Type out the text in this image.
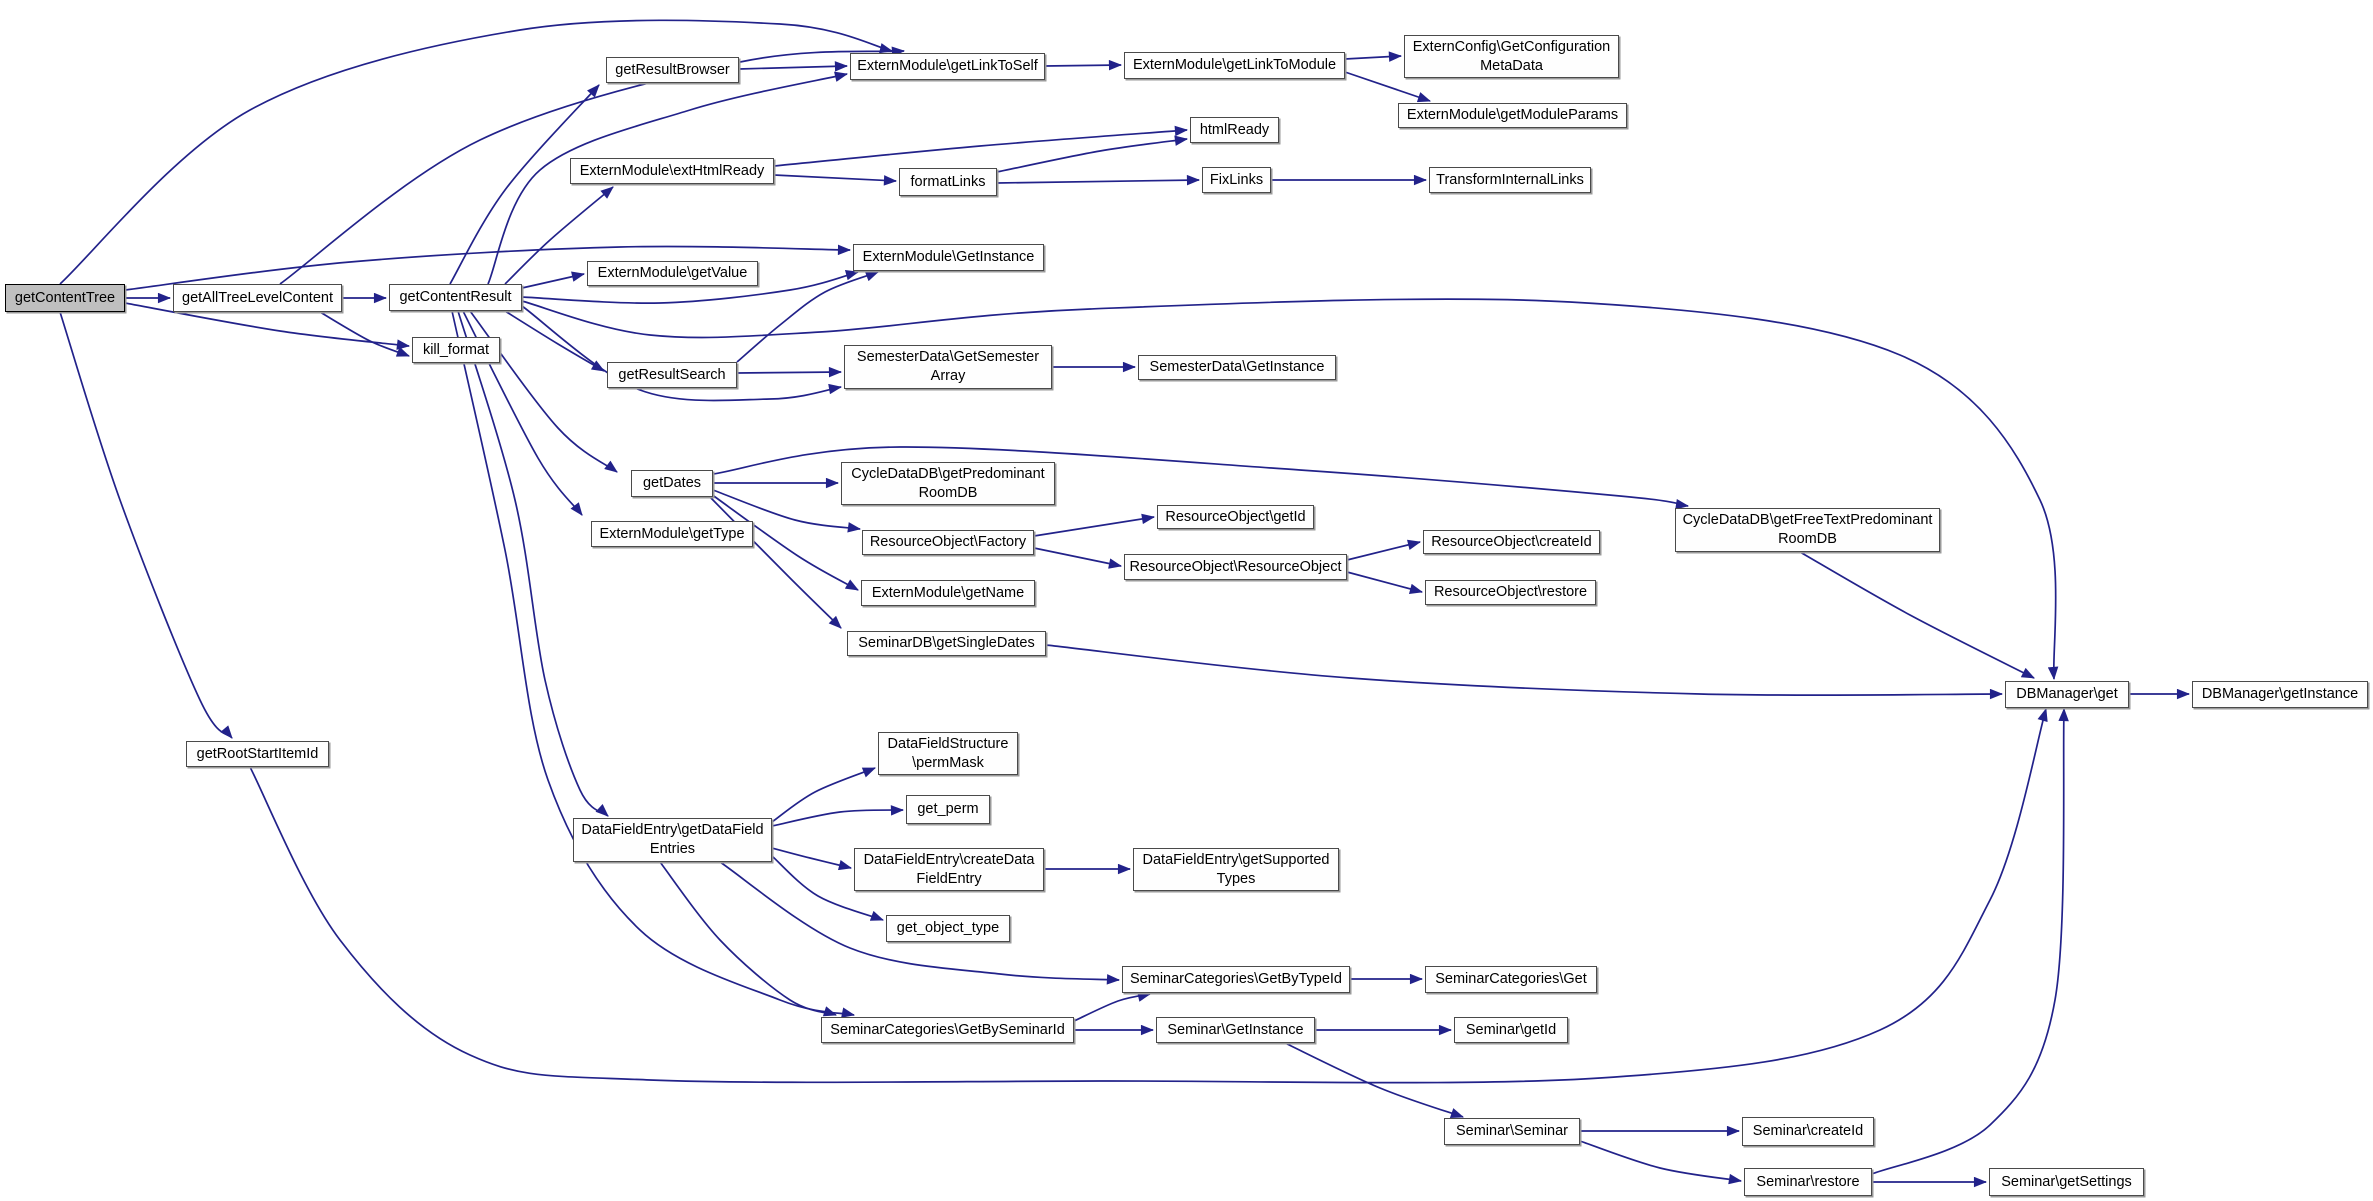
getContentTree	getAllTreeLevelContent	getContentResult
kill_format
getRootStartItemId
getResultBrowser
ExternModule\extHtmlReady
ExternModule\getValue
getResultSearch
ExternModule\getLinkToSelf	ExternModule\getLinkToModule
ExternConfig\GetConfiguration
MetaData
ExternModule\getModuleParams
htmlReady
formatLinks	FixLinks	TransformInternalLinks
ExternModule\GetInstance
SemesterData\GetSemester
Array
SemesterData\GetInstance
getDates
ExternModule\getType
CycleDataDB\getPredominant
RoomDB
ResourceObject\Factory
ResourceObject\getId
ResourceObject\ResourceObject
ResourceObject\createId
ResourceObject\restore
ExternModule\getName
SeminarDB\getSingleDates
CycleDataDB\getFreeTextPredominant
RoomDB
DBManager\get	DBManager\getInstance
DataFieldStructure
\permMask
DataFieldEntry\getDataField
Entries
get_perm
DataFieldEntry\createData
FieldEntry
DataFieldEntry\getSupported
Types
get_object_type
SeminarCategories\GetByTypeId	SeminarCategories\Get
SeminarCategories\GetBySeminarId	Seminar\GetInstance	Seminar\getId
Seminar\Seminar	Seminar\createId
Seminar\restore	Seminar\getSettings
